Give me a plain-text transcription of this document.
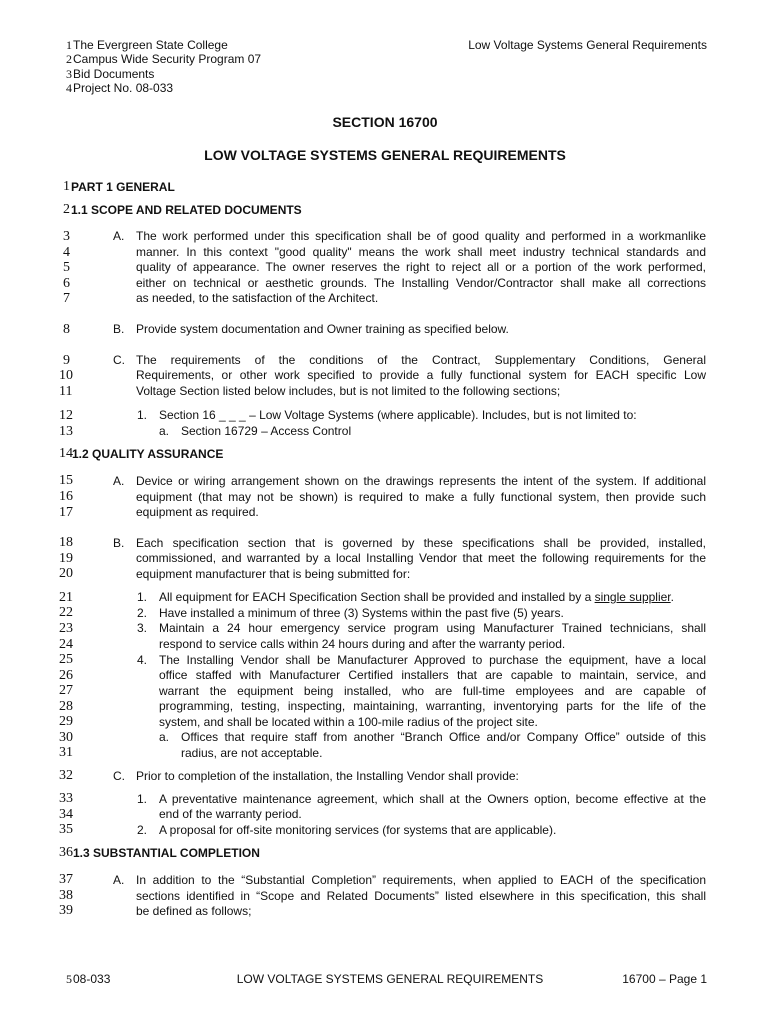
1 The Evergreen State College
2 Campus Wide Security Program 07
3 Bid Documents
4 Project No. 08-033
Low Voltage Systems General Requirements
SECTION 16700
LOW VOLTAGE SYSTEMS GENERAL REQUIREMENTS
1 PART 1 GENERAL
2 1.1 SCOPE AND RELATED DOCUMENTS
3
4
5
6
7
A. The work performed under this specification shall be of good quality and performed in a workmanlike
manner. In this context "good quality" means the work shall meet industry technical standards and
quality of appearance. The owner reserves the right to reject all or a portion of the work performed,
either on technical or aesthetic grounds. The Installing Vendor/Contractor shall make all corrections
as needed, to the satisfaction of the Architect.
8	B. Provide system documentation and Owner training as specified below.
9
10
11
C. The requirements of the conditions of the Contract, Supplementary Conditions, General
Requirements, or other work specified to provide a fully functional system for EACH specific Low
Voltage Section listed below includes, but is not limited to the following sections;
12
13
1. Section 16 _ _ _ – Low Voltage Systems (where applicable). Includes, but is not limited to:
a. Section 16729 – Access Control
14 1.2 QUALITY ASSURANCE
15
16
17
A. Device or wiring arrangement shown on the drawings represents the intent of the system. If additional
equipment (that may not be shown) is required to make a fully functional system, then provide such
equipment as required.
18
19
20
B. Each specification section that is governed by these specifications shall be provided, installed,
commissioned, and warranted by a local Installing Vendor that meet the following requirements for the
equipment manufacturer that is being submitted for:
21
22
23
24
25
26
27
28
29
30
31
1. All equipment for EACH Specification Section shall be provided and installed by a single supplier.
2. Have installed a minimum of three (3) Systems within the past five (5) years.
3. Maintain a 24 hour emergency service program using Manufacturer Trained technicians, shall
respond to service calls within 24 hours during and after the warranty period.
4. The Installing Vendor shall be Manufacturer Approved to purchase the equipment, have a local
office staffed with Manufacturer Certified installers that are capable to maintain, service, and
warrant the equipment being installed, who are full-time employees and are capable of
programming, testing, inspecting, maintaining, warranting, inventorying parts for the life of the
system, and shall be located within a 100-mile radius of the project site.
a. Offices that require staff from another “Branch Office and/or Company Office” outside of this
radius, are not acceptable.
32	C. Prior to completion of the installation, the Installing Vendor shall provide:
33
34
35
1. A preventative maintenance agreement, which shall at the Owners option, become effective at the
end of the warranty period.
2. A proposal for off-site monitoring services (for systems that are applicable).
36 1.3 SUBSTANTIAL COMPLETION
37
38
39
A. In addition to the “Substantial Completion” requirements, when applied to EACH of the specification
sections identified in “Scope and Related Documents” listed elsewhere in this specification, this shall
be defined as follows;
5 08-033	LOW VOLTAGE SYSTEMS GENERAL REQUIREMENTS	16700 – Page 1
